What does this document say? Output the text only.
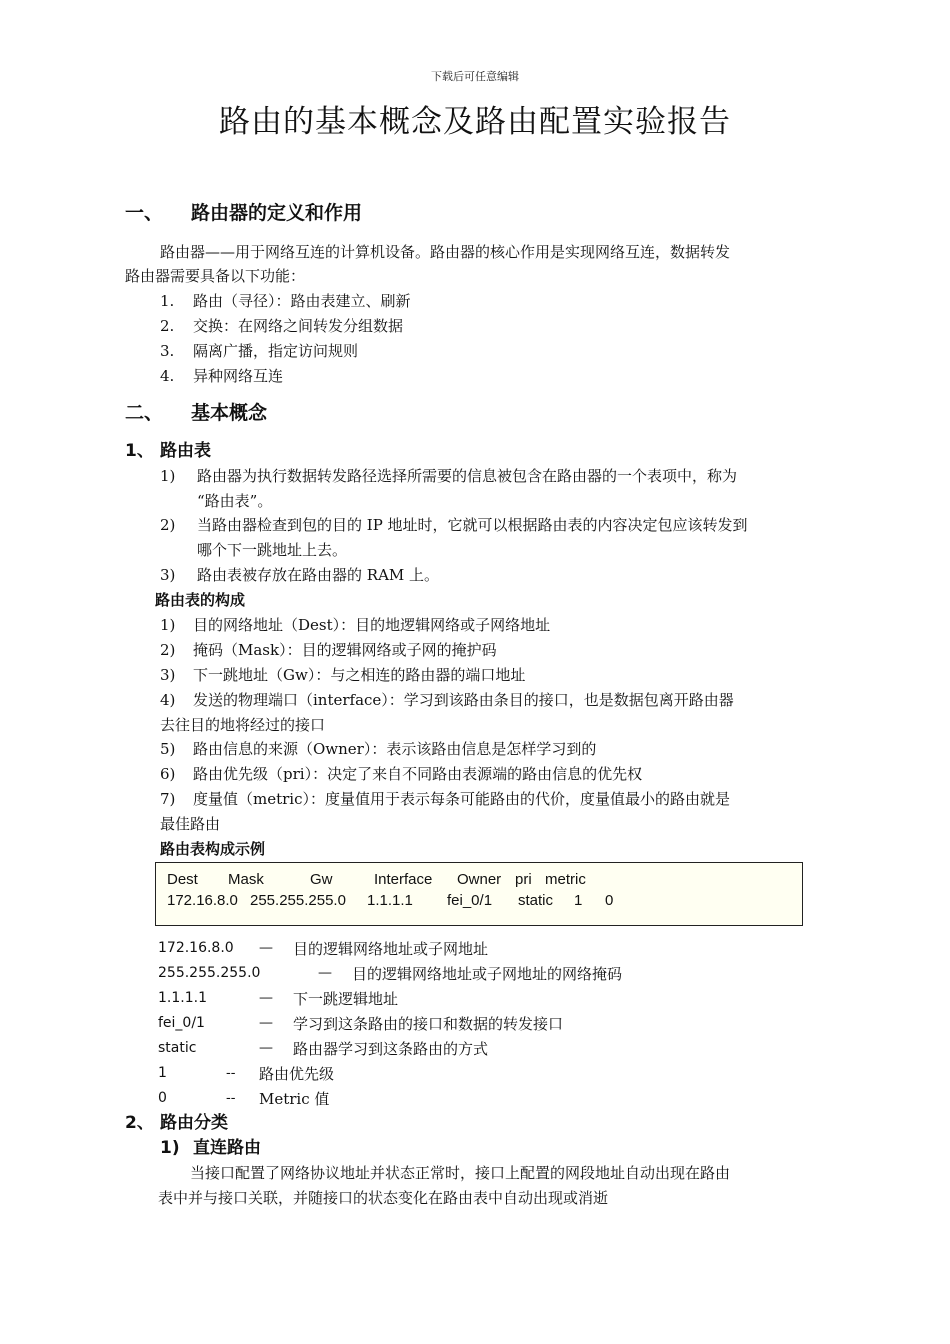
下载后可任意编辑
路由的基本概念及路由配置实验报告
一、 路由器的定义和作用
路由器——用于网络互连的计算机设备。路由器的核心作用是实现网络互连，数据转发
路由器需要具备以下功能：
1. 路由（寻径）：路由表建立、刷新
2. 交换：在网络之间转发分组数据
3. 隔离广播，指定访问规则
4. 异种网络互连
二、 基本概念
1、 路由表
1) 路由器为执行数据转发路径选择所需要的信息被包含在路由器的一个表项中，称为
“路由表”。
2) 当路由器检查到包的目的 IP 地址时，它就可以根据路由表的内容决定包应该转发到
哪个下一跳地址上去。
3) 路由表被存放在路由器的 RAM 上。
路由表的构成
1) 目的网络地址（Dest）：目的地逻辑网络或子网络地址
2) 掩码（Mask）：目的逻辑网络或子网的掩护码
3) 下一跳地址（Gw）：与之相连的路由器的端口地址
4) 发送的物理端口（interface）：学习到该路由条目的接口，也是数据包离开路由器
去往目的地将经过的接口
5) 路由信息的来源（Owner）：表示该路由信息是怎样学习到的
6) 路由优先级（pri）：决定了来自不同路由表源端的路由信息的优先权
7) 度量值（metric）：度量值用于表示每条可能路由的代价，度量值最小的路由就是
最佳路由
路由表构成示例
Dest Mask	Gw	Interface Owner pri metric
172.16.8.0 255.255.255.0 1.1.1.1 fei_0/1 static 1 0
172.16.8.0 — 目的逻辑网络地址或子网地址
255.255.255.0	— 目的逻辑网络地址或子网地址的网络掩码
1.1.1.1	— 下一跳逻辑地址
fei_0/1	— 学习到这条路由的接口和数据的转发接口
static	— 路由器学习到这条路由的方式
1	-- 路由优先级
0	-- Metric 值
2、 路由分类
1) 直连路由
当接口配置了网络协议地址并状态正常时，接口上配置的网段地址自动出现在路由
表中并与接口关联，并随接口的状态变化在路由表中自动出现或消逝
